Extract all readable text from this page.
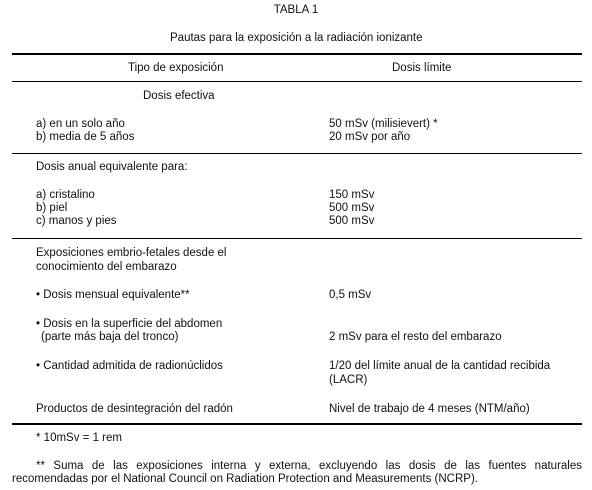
TABLA 1
Pautas para la exposición a la radiación ionizante
Tipo de exposición	Dosis límite
Dosis efectiva
a) en un solo año	50 mSv (milisievert) *
b) media de 5 años	20 mSv por año
Dosis anual equivalente para:
a) cristalino	150 mSv
b) piel	500 mSv
c) manos y pies	500 mSv
Exposiciones embrio-fetales desde el
conocimiento del embarazo
• Dosis mensual equivalente**	0,5 mSv
• Dosis en la superficie del abdomen
(parte más baja del tronco)	2 mSv para el resto del embarazo
• Cantidad admitida de radionúclidos	1/20 del límite anual de la cantidad recibida
(LACR)
Productos de desintegración del radón	Nivel de trabajo de 4 meses (NTM/año)
* 10mSv = 1 rem
** Suma de las exposiciones interna y externa, excluyendo las dosis de las fuentes naturales recomendadas por el National Council on Radiation Protection and Measurements (NCRP).
